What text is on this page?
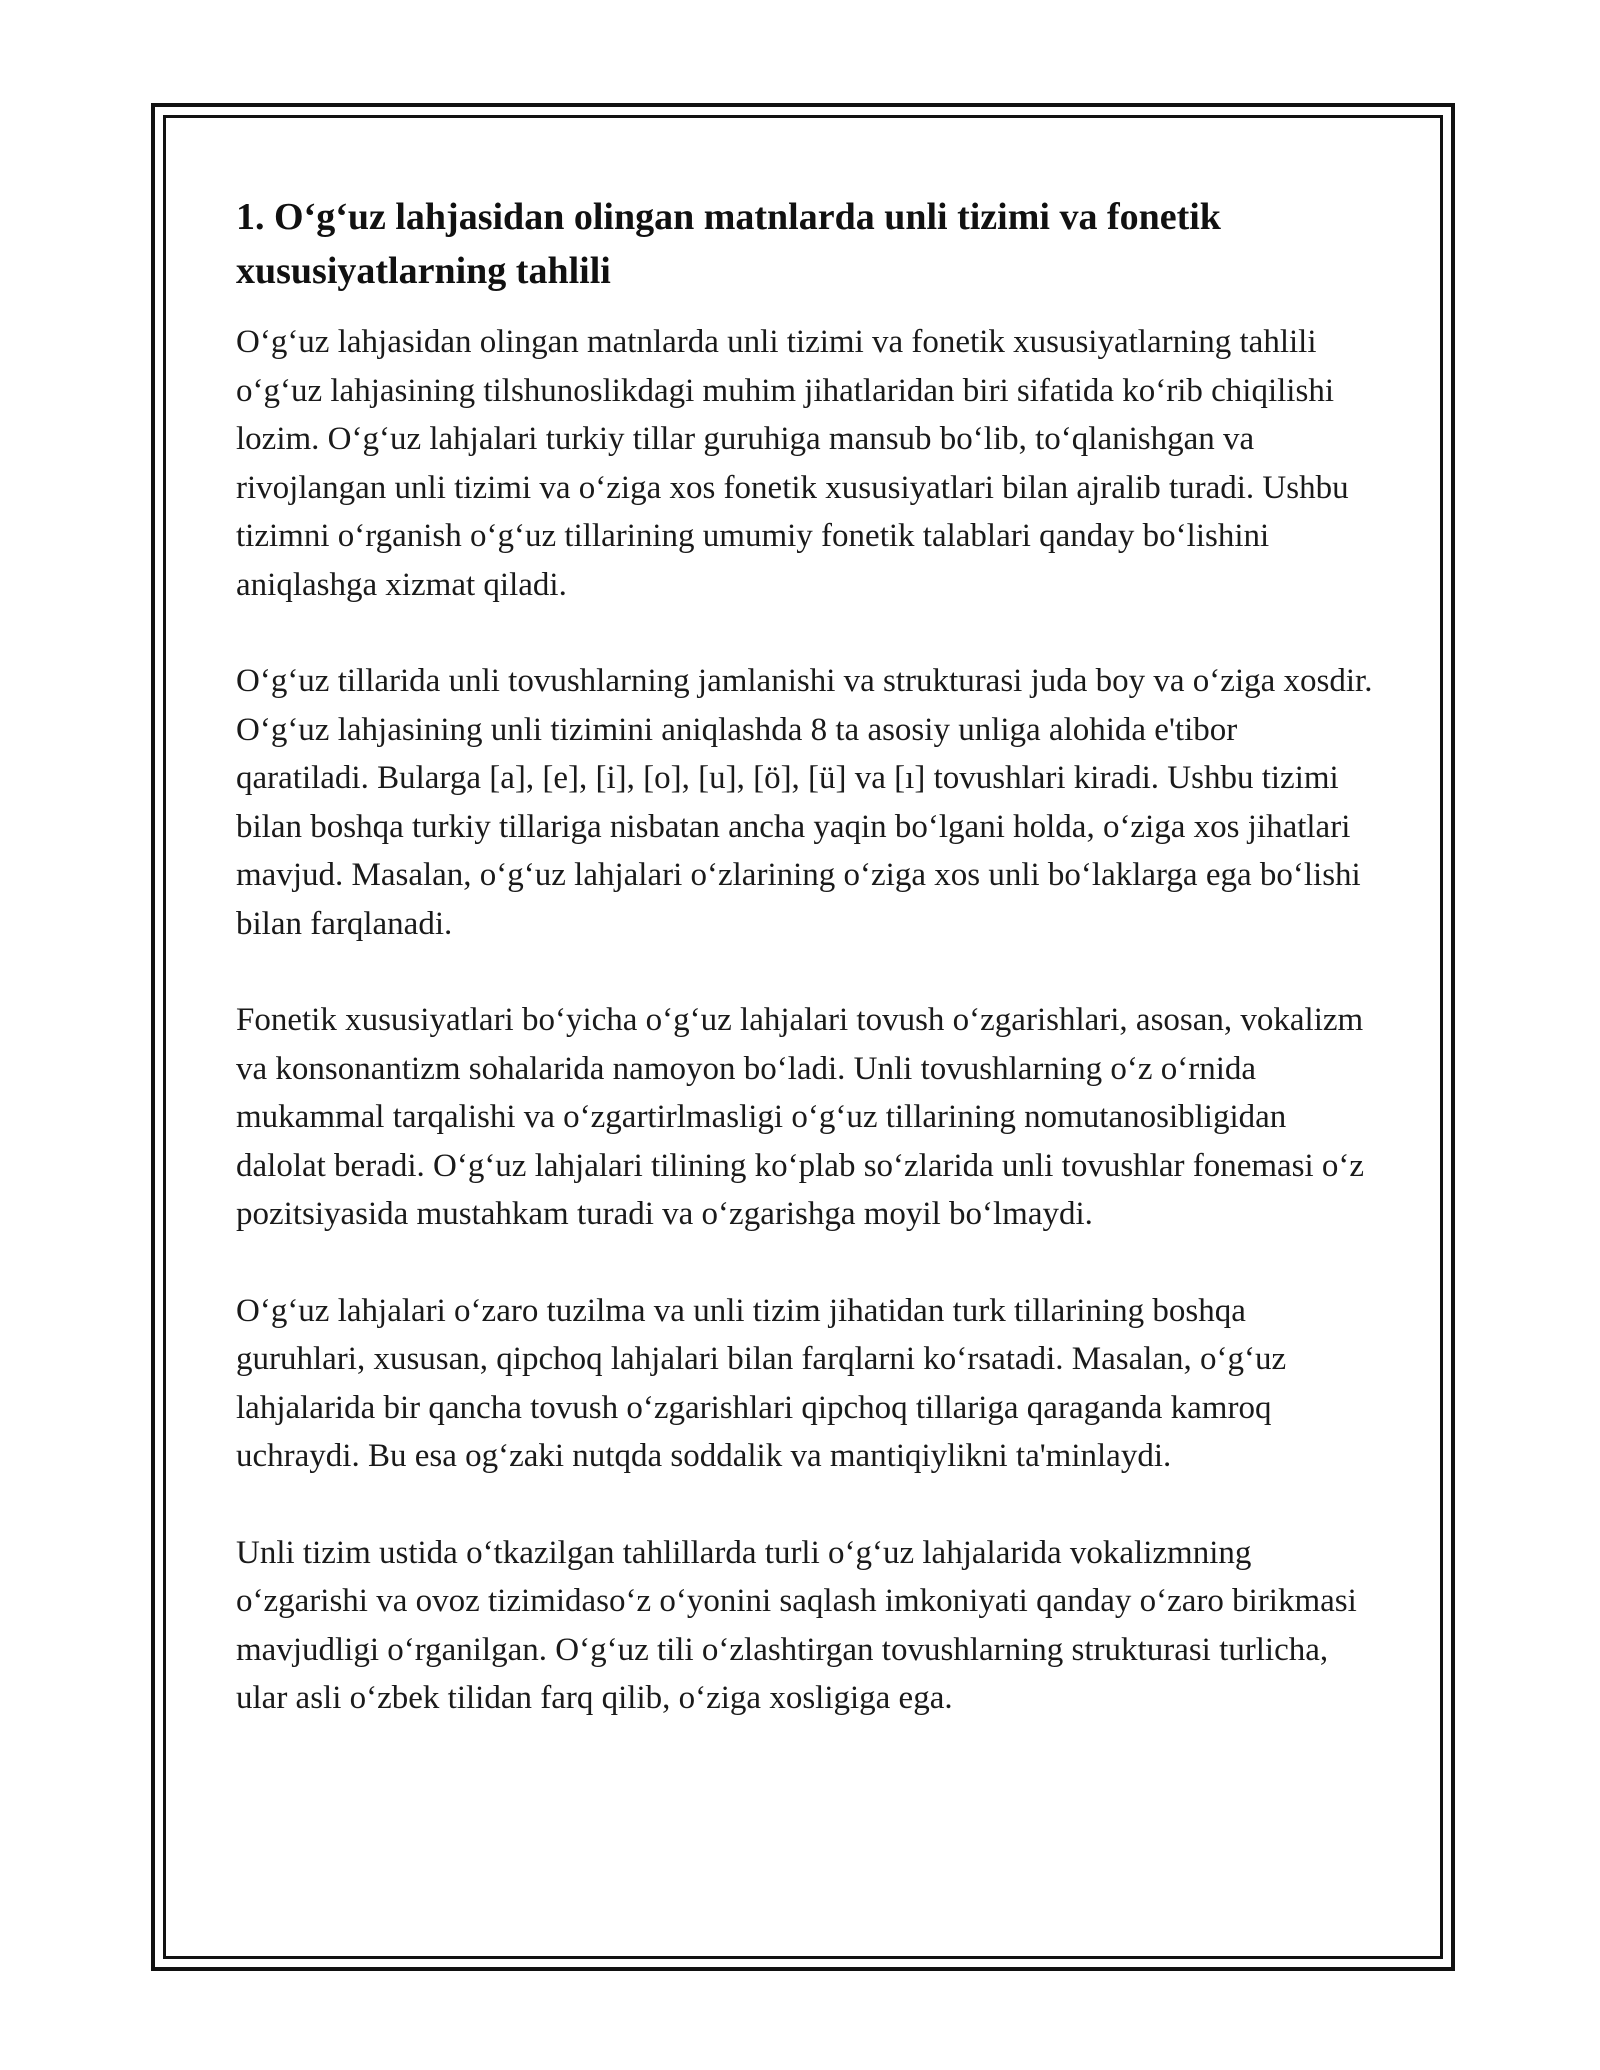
1. O‘g‘uz lahjasidan olingan matnlarda unli tizimi va fonetik xususiyatlarning tahlili

O‘g‘uz lahjasidan olingan matnlarda unli tizimi va fonetik xususiyatlarning tahlili o‘g‘uz lahjasining tilshunoslikdagi muhim jihatlaridan biri sifatida ko‘rib chiqilishi lozim. O‘g‘uz lahjalari turkiy tillar guruhiga mansub bo‘lib, to‘qlanishgan va rivojlangan unli tizimi va o‘ziga xos fonetik xususiyatlari bilan ajralib turadi. Ushbu tizimni o‘rganish o‘g‘uz tillarining umumiy fonetik talablari qanday bo‘lishini aniqlashga xizmat qiladi.

O‘g‘uz tillarida unli tovushlarning jamlanishi va strukturasi juda boy va o‘ziga xosdir. O‘g‘uz lahjasining unli tizimini aniqlashda 8 ta asosiy unliga alohida e'tibor qaratiladi. Bularga [a], [e], [i], [o], [u], [ö], [ü] va [ı] tovushlari kiradi. Ushbu tizimi bilan boshqa turkiy tillariga nisbatan ancha yaqin bo‘lgani holda, o‘ziga xos jihatlari mavjud. Masalan, o‘g‘uz lahjalari o‘zlarining o‘ziga xos unli bo‘laklarga ega bo‘lishi bilan farqlanadi.

Fonetik xususiyatlari bo‘yicha o‘g‘uz lahjalari tovush o‘zgarishlari, asosan, vokalizm va konsonantizm sohalarida namoyon bo‘ladi. Unli tovushlarning o‘z o‘rnida mukammal tarqalishi va o‘zgartirlmasligi o‘g‘uz tillarining nomutanosibligidan dalolat beradi. O‘g‘uz lahjalari tilining ko‘plab so‘zlarida unli tovushlar fonemasi o‘z pozitsiyasida mustahkam turadi va o‘zgarishga moyil bo‘lmaydi.

O‘g‘uz lahjalari o‘zaro tuzilma va unli tizim jihatidan turk tillarining boshqa guruhlari, xususan, qipchoq lahjalari bilan farqlarni ko‘rsatadi. Masalan, o‘g‘uz lahjalarida bir qancha tovush o‘zgarishlari qipchoq tillariga qaraganda kamroq uchraydi. Bu esa og‘zaki nutqda soddalik va mantiqiylikni ta'minlaydi.

Unli tizim ustida o‘tkazilgan tahlillarda turli o‘g‘uz lahjalarida vokalizmning o‘zgarishi va ovoz tizimidaso‘z o‘yonini saqlash imkoniyati qanday o‘zaro birikmasi mavjudligi o‘rganilgan. O‘g‘uz tili o‘zlashtirgan tovushlarning strukturasi turlicha, ular asli o‘zbek tilidan farq qilib, o‘ziga xosligiga ega.
